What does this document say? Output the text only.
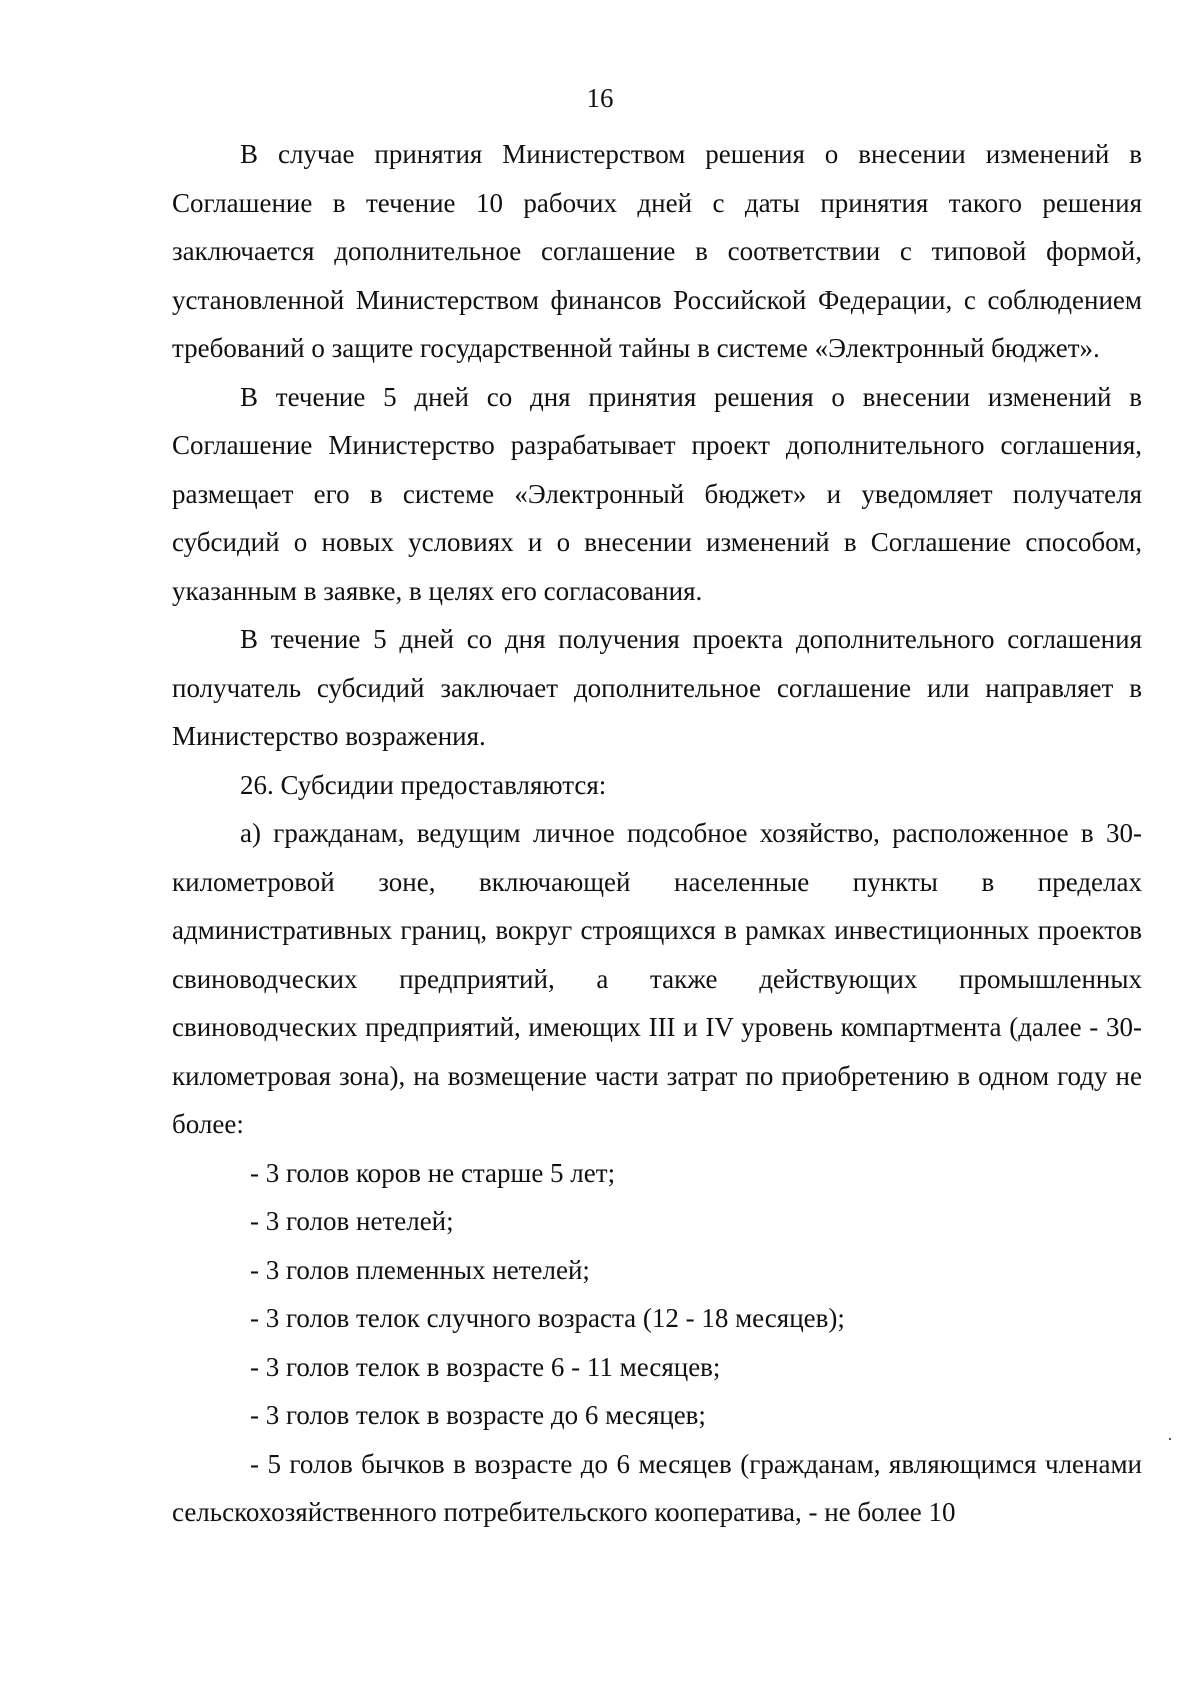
16

В случае принятия Министерством решения о внесении изменений в Соглашение в течение 10 рабочих дней с даты принятия такого решения заключается дополнительное соглашение в соответствии с типовой формой, установленной Министерством финансов Российской Федерации, с соблюдением требований о защите государственной тайны в системе «Электронный бюджет».

В течение 5 дней со дня принятия решения о внесении изменений в Соглашение Министерство разрабатывает проект дополнительного соглашения, размещает его в системе «Электронный бюджет» и уведомляет получателя субсидий о новых условиях и о внесении изменений в Соглашение способом, указанным в заявке, в целях его согласования.

В течение 5 дней со дня получения проекта дополнительного соглашения получатель субсидий заключает дополнительное соглашение или направляет в Министерство возражения.

26. Субсидии предоставляются:

а) гражданам, ведущим личное подсобное хозяйство, расположенное в 30-километровой зоне, включающей населенные пункты в пределах административных границ, вокруг строящихся в рамках инвестиционных проектов свиноводческих предприятий, а также действующих промышленных свиноводческих предприятий, имеющих III и IV уровень компартмента (далее - 30-километровая зона), на возмещение части затрат по приобретению в одном году не более:

- 3 голов коров не старше 5 лет;

- 3 голов нетелей;

- 3 голов племенных нетелей;

- 3 голов телок случного возраста (12 - 18 месяцев);

- 3 голов телок в возрасте 6 - 11 месяцев;

- 3 голов телок в возрасте до 6 месяцев;

- 5 голов бычков в возрасте до 6 месяцев (гражданам, являющимся членами сельскохозяйственного потребительского кооператива, - не более 10
